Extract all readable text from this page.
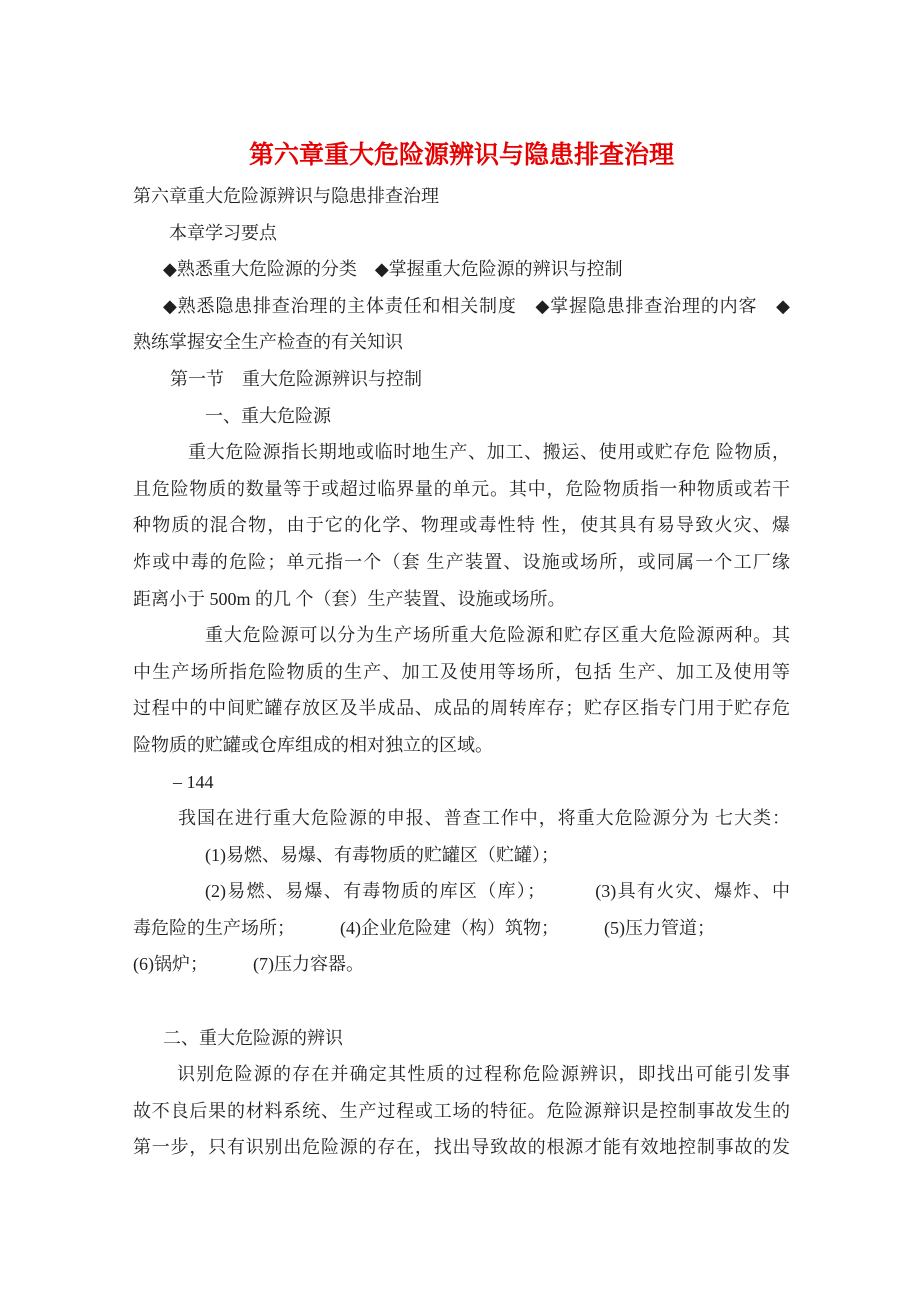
第六章重大危险源辨识与隐患排查治理
第六章重大危险源辨识与隐患排查治理
本章学习要点
◆熟悉重大危险源的分类　◆掌握重大危险源的辨识与控制
◆熟悉隐患排查治理的主体责任和相关制度　◆掌握隐患排查治理的内客　◆
熟练掌握安全生产检查的有关知识
第一节　重大危险源辨识与控制
一、重大危险源
重大危险源指长期地或临时地生产、加工、搬运、使用或贮存危 险物质，
且危险物质的数量等于或超过临界量的单元。其中，危险物质指一种物质或若干
种物质的混合物，由于它的化学、物理或毒性特 性，使其具有易导致火灾、爆
炸或中毒的危险；单元指一个（套 生产装置、设施或场所，或同属一个工厂缘
距离小于 500m 的几 个（套）生产装置、设施或场所。
重大危险源可以分为生产场所重大危险源和贮存区重大危险源两种。其
中生产场所指危险物质的生产、加工及使用等场所，包括 生产、加工及使用等
过程中的中间贮罐存放区及半成品、成品的周转库存；贮存区指专门用于贮存危
险物质的贮罐或仓库组成的相对独立的区域。
– 144
我国在进行重大危险源的申报、普查工作中，将重大危险源分为 七大类：
(1)易燃、易爆、有毒物质的贮罐区（贮罐）；
(2)易燃、易爆、有毒物质的库区（库）；　　　(3)具有火灾、爆炸、中
毒危险的生产场所；　　　(4)企业危险建（构）筑物；　　　(5)压力管道；
(6)锅炉；　　　(7)压力容器。
二、重大危险源的辨识
识别危险源的存在并确定其性质的过程称危险源辨识，即找出可能引发事
故不良后果的材料系统、生产过程或工场的特征。危险源辩识是控制事故发生的
第一步，只有识别出危险源的存在，找出导致故的根源才能有效地控制事故的发
